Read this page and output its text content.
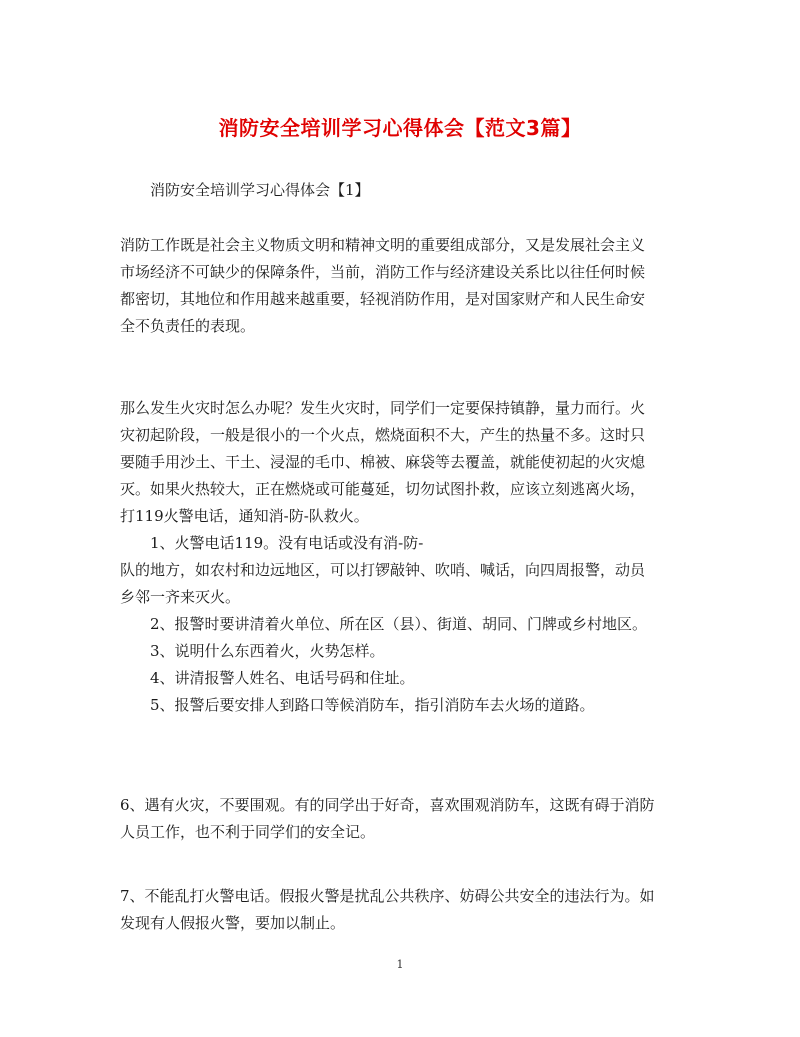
消防安全培训学习心得体会【范文3篇】
消防安全培训学习心得体会【1】
消防工作既是社会主义物质文明和精神文明的重要组成部分，又是发展社会主义
市场经济不可缺少的保障条件，当前，消防工作与经济建设关系比以往任何时候
都密切，其地位和作用越来越重要，轻视消防作用，是对国家财产和人民生命安
全不负责任的表现。
那么发生火灾时怎么办呢？发生火灾时，同学们一定要保持镇静，量力而行。火
灾初起阶段，一般是很小的一个火点，燃烧面积不大，产生的热量不多。这时只
要随手用沙土、干土、浸湿的毛巾、棉被、麻袋等去覆盖，就能使初起的火灾熄
灭。如果火热较大，正在燃烧或可能蔓延，切勿试图扑救，应该立刻逃离火场，
打119火警电话，通知消-防-队救火。
1、火警电话119。没有电话或没有消-防-
队的地方，如农村和边远地区，可以打锣敲钟、吹哨、喊话，向四周报警，动员
乡邻一齐来灭火。
2、报警时要讲清着火单位、所在区（县）、街道、胡同、门牌或乡村地区。
3、说明什么东西着火，火势怎样。
4、讲清报警人姓名、电话号码和住址。
5、报警后要安排人到路口等候消防车，指引消防车去火场的道路。
6、遇有火灾，不要围观。有的同学出于好奇，喜欢围观消防车，这既有碍于消防
人员工作，也不利于同学们的安全记。
7、不能乱打火警电话。假报火警是扰乱公共秩序、妨碍公共安全的违法行为。如
发现有人假报火警，要加以制止。
1
